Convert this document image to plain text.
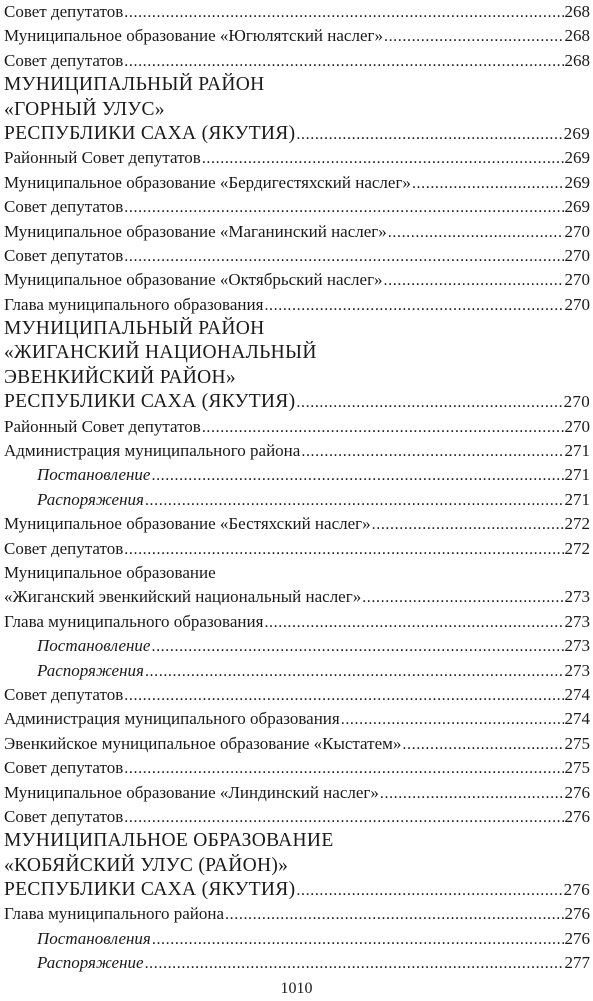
Совет депутатов .....	268
Муниципальное образование «Югюлятский наслег» .....	268
Совет депутатов .....	268
МУНИЦИПАЛЬНЫЙ РАЙОН
«ГОРНЫЙ УЛУС»
РЕСПУБЛИКИ САХА (ЯКУТИЯ) .....	269
Районный Совет депутатов .....	269
Муниципальное образование «Бердигестяхский наслег» .....	269
Совет депутатов .....	269
Муниципальное образование «Маганинский наслег» .....	270
Совет депутатов .....	270
Муниципальное образование «Октябрьский наслег» .....	270
Глава муниципального образования .....	270
МУНИЦИПАЛЬНЫЙ РАЙОН
«ЖИГАНСКИЙ НАЦИОНАЛЬНЫЙ
ЭВЕНКИЙСКИЙ РАЙОН»
РЕСПУБЛИКИ САХА (ЯКУТИЯ) .....	270
Районный Совет депутатов .....	270
Администрация муниципального района .....	271
Постановление .....	271
Распоряжения .....	271
Муниципальное образование «Бестяхский наслег» .....	272
Совет депутатов .....	272
Муниципальное образование
«Жиганский эвенкийский национальный наслег» .....	273
Глава муниципального образования .....	273
Постановление .....	273
Распоряжения .....	273
Совет депутатов .....	274
Администрация муниципального образования .....	274
Эвенкийское муниципальное образование «Кыстатем» .....	275
Совет депутатов .....	275
Муниципальное образование «Линдинский наслег» .....	276
Совет депутатов .....	276
МУНИЦИПАЛЬНОЕ ОБРАЗОВАНИЕ
«КОБЯЙСКИЙ УЛУС (РАЙОН)»
РЕСПУБЛИКИ САХА (ЯКУТИЯ) .....	276
Глава муниципального района .....	276
Постановления .....	276
Распоряжение .....	277
1010
